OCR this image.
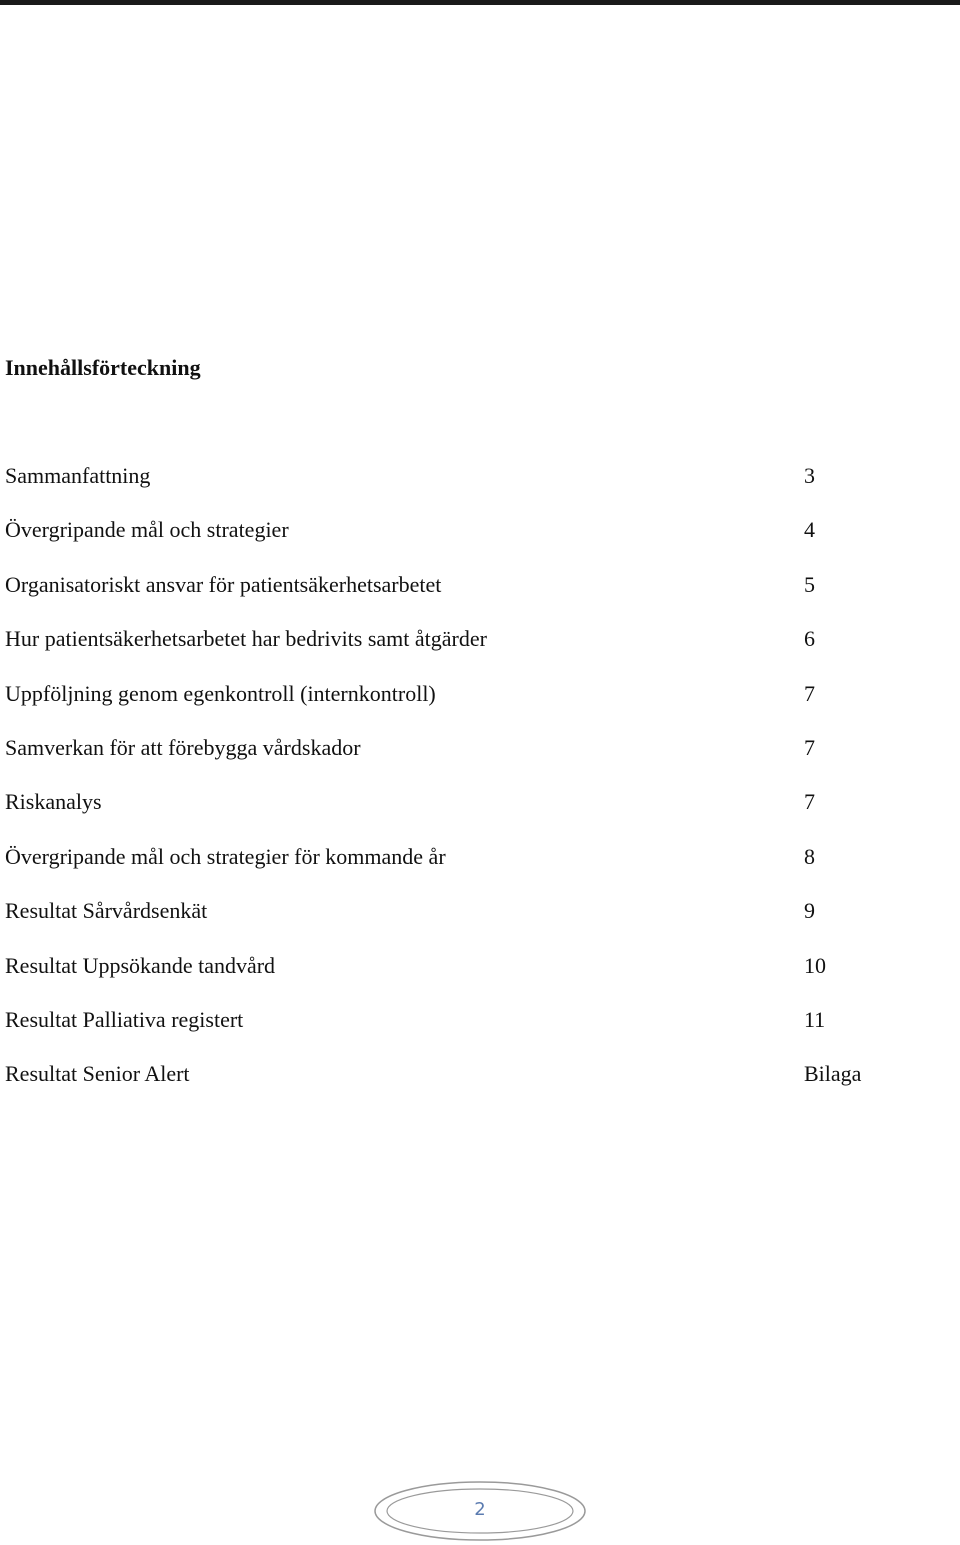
Innehållsförteckning
Sammanfattning	3
Övergripande mål och strategier	4
Organisatoriskt ansvar för patientsäkerhetsarbetet	5
Hur patientsäkerhetsarbetet har bedrivits samt åtgärder	6
Uppföljning genom egenkontroll (internkontroll)	7
Samverkan för att förebygga vårdskador	7
Riskanalys	7
Övergripande mål och strategier för kommande år	8
Resultat Sårvårdsenkät	9
Resultat Uppsökande tandvård	10
Resultat Palliativa registert	11
Resultat Senior Alert	Bilaga
2
